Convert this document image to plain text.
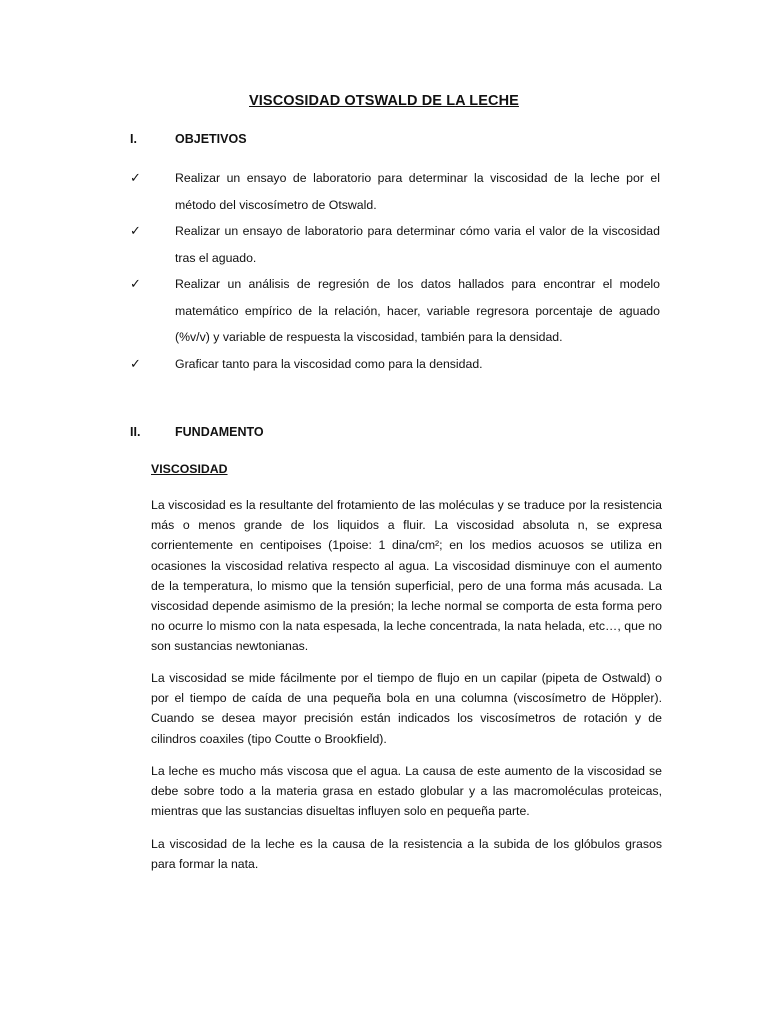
VISCOSIDAD OTSWALD DE LA LECHE
I.	OBJETIVOS
✓	Realizar un ensayo de laboratorio para determinar la viscosidad de la leche por el método del viscosímetro de Otswald.
✓	Realizar un ensayo de laboratorio para determinar cómo varia el valor de la viscosidad tras el aguado.
✓	Realizar un análisis de regresión de los datos hallados para encontrar el modelo matemático empírico de la relación, hacer, variable regresora porcentaje de aguado (%v/v) y variable de respuesta la viscosidad, también para la densidad.
✓	Graficar tanto para la viscosidad como para la densidad.
II.	FUNDAMENTO
VISCOSIDAD

La viscosidad es la resultante del frotamiento de las moléculas y se traduce por la resistencia más o menos grande de los liquidos a fluir. La viscosidad absoluta n, se expresa corrientemente en centipoises (1poise: 1 dina/cm²; en los medios acuosos se utiliza en ocasiones la viscosidad relativa respecto al agua. La viscosidad disminuye con el aumento de la temperatura, lo mismo que la tensión superficial, pero de una forma más acusada. La viscosidad depende asimismo de la presión; la leche normal se comporta de esta forma pero no ocurre lo mismo con la nata espesada, la leche concentrada, la nata helada, etc…, que no son sustancias newtonianas.

La viscosidad se mide fácilmente por el tiempo de flujo en un capilar (pipeta de Ostwald) o por el tiempo de caída de una pequeña bola en una columna (viscosímetro de Höppler). Cuando se desea mayor precisión están indicados los viscosímetros de rotación y de cilindros coaxiles (tipo Coutte o Brookfield).

La leche es mucho más viscosa que el agua. La causa de este aumento de la viscosidad se debe sobre todo a la materia grasa en estado globular y a las macromoléculas proteicas, mientras que las sustancias disueltas influyen solo en pequeña parte.

La viscosidad de la leche es la causa de la resistencia a la subida de los glóbulos grasos para formar la nata.
